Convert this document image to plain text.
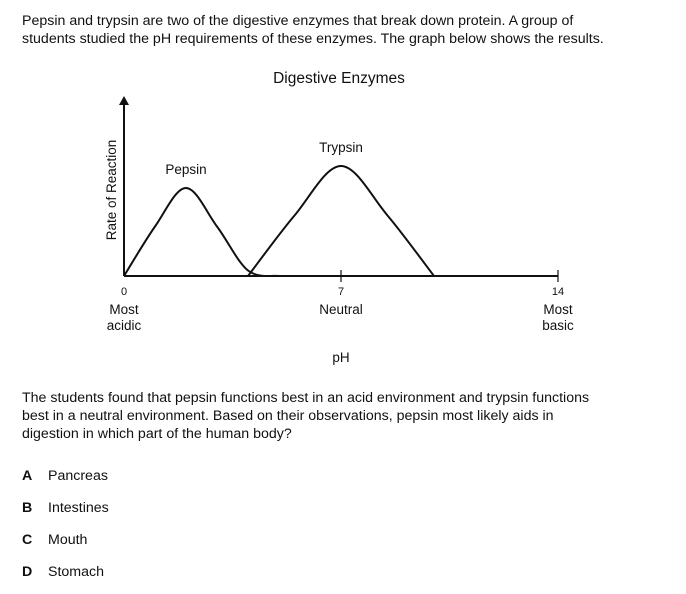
Pepsin and trypsin are two of the digestive enzymes that break down protein. A group of
students studied the pH requirements of these enzymes. The graph below shows the results.

Digestive Enzymes
Rate of Reaction
pH
0
Most
acidic
7
Neutral
14
Most
basic
Pepsin
Trypsin

The students found that pepsin functions best in an acid environment and trypsin functions
best in a neutral environment. Based on their observations, pepsin most likely aids in
digestion in which part of the human body?

A	Pancreas
B	Intestines
C	Mouth
D	Stomach
